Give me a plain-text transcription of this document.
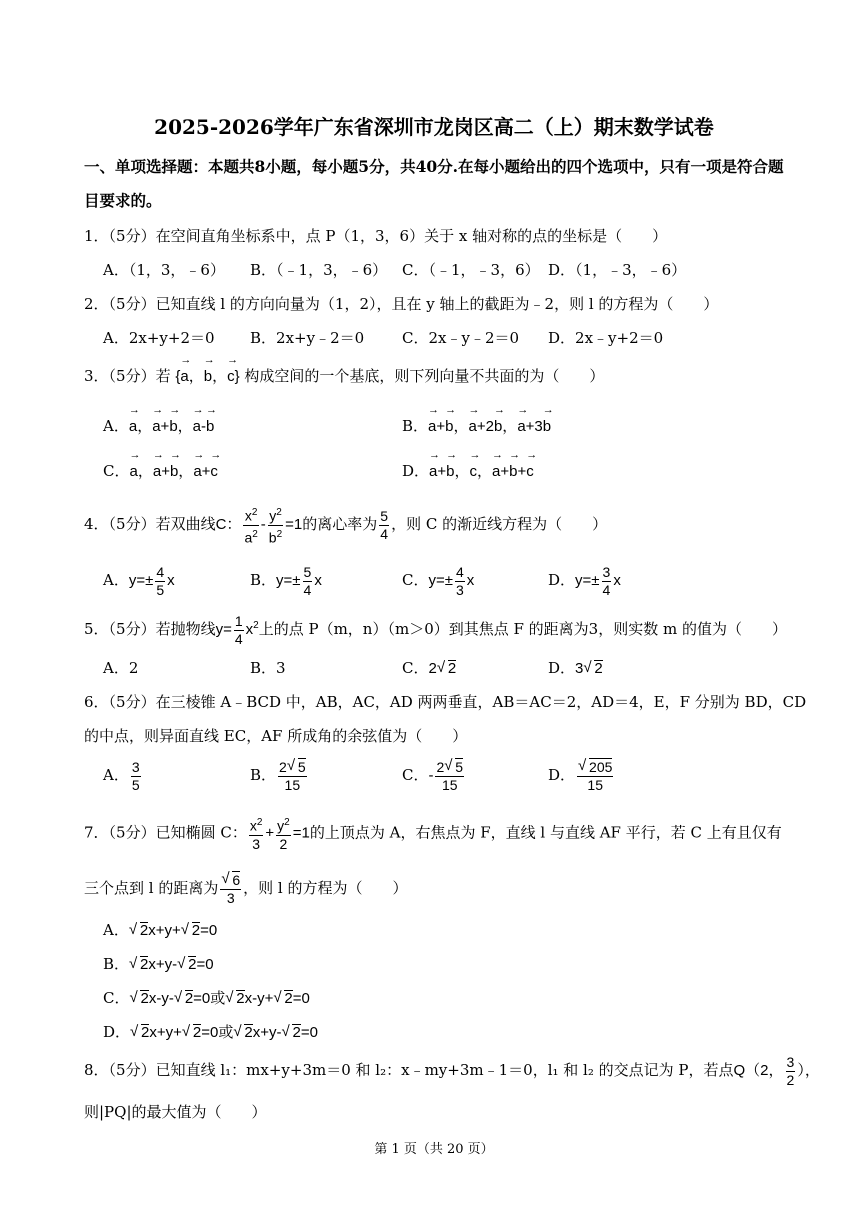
2025-2026学年广东省深圳市龙岗区高二（上）期末数学试卷
一、单项选择题：本题共8小题，每小题5分，共40分.在每小题给出的四个选项中，只有一项是符合题
目要求的。
1．（5分）在空间直角坐标系中，点 P（1，3，6）关于 x 轴对称的点的坐标是（　　）
A．（1，3，﹣6） B．（﹣1，3，﹣6） C．（﹣1，﹣3，6） D．（1，﹣3，﹣6）
2．（5分）已知直线 l 的方向向量为（1，2），且在 y 轴上的截距为﹣2，则 l 的方程为（　　）
A．2x+y+2＝0 B．2x+y﹣2＝0	C．2x﹣y﹣2＝0 D．2x﹣y+2＝0
3．（5分）若 {→ a，→ b，→ c} 构成空间的一个基底，则下列向量不共面的为（　　）
A．→ a，→ a+→ b，→ a-→ b	B．→ a+→ b，→ a+2→ b，→ a+3→ b
C．→ a，→ a+→ b，→ a+→ c	D．→ a+→ b，→ c，→ a+→ b+→ c
4．（5分）若双曲线C： $\frac{x^2}{a^2} - \frac{y^2}{b^2} =1$的离心率为 $\frac{5}{4}$ ，则 C 的渐近线方程为（　　）
A．$y=\pm \frac{4}{5}$ x	B．$y=\pm \frac{5}{4}$ x	C．$y=\pm \frac{4}{3}$ x	D．$y=\pm \frac{3}{4}$ x
5．（5分）若抛物线$y= \frac{1}{4} x^2$上的点 P（m，n）（m＞0）到其焦点 F 的距离为3，则实数 m 的值为（　　）
A．2	B．3	C．2 √ 2	D．3 √ 2
6．（5分）在三棱锥 A﹣BCD 中，AB，AC，AD 两两垂直，AB＝AC＝2，AD＝4，E，F 分别为 BD，CD
的中点，则异面直线 EC，AF 所成角的余弦值为（　　）
A． $\frac{3}{5}$	B． $\frac{2 √ 5}{15}$	C．- $\frac{2 √ 5}{15}$	D． √ $\frac{205}{15}$
7．（5分）已知椭圆 C： $\frac{x^2}{3} + \frac{y^2}{2} =1$的上顶点为 A，右焦点为 F，直线 l 与直线 AF 平行，若 C 上有且仅有
三个点到 l 的距离为 √ $\frac{6}{3}$ ，则 l 的方程为（　　）
A． √ 2x+y+ √ 2=0
B． √ 2x+y- √ 2=0
C． √ 2x-y- √ 2=0或 √ 2x-y+ √ 2=0
D． √ 2x+y+ √ 2=0或 √ 2x+y- √ 2=0
8．（5分）已知直线 l₁：mx+y+3m＝0 和 l₂：x﹣my+3m﹣1＝0，l₁ 和 l₂ 的交点记为 P，若点Q（2， $\frac{3}{2}$ ），
则|PQ|的最大值为（　　）
第 1 页（共 20 页）
